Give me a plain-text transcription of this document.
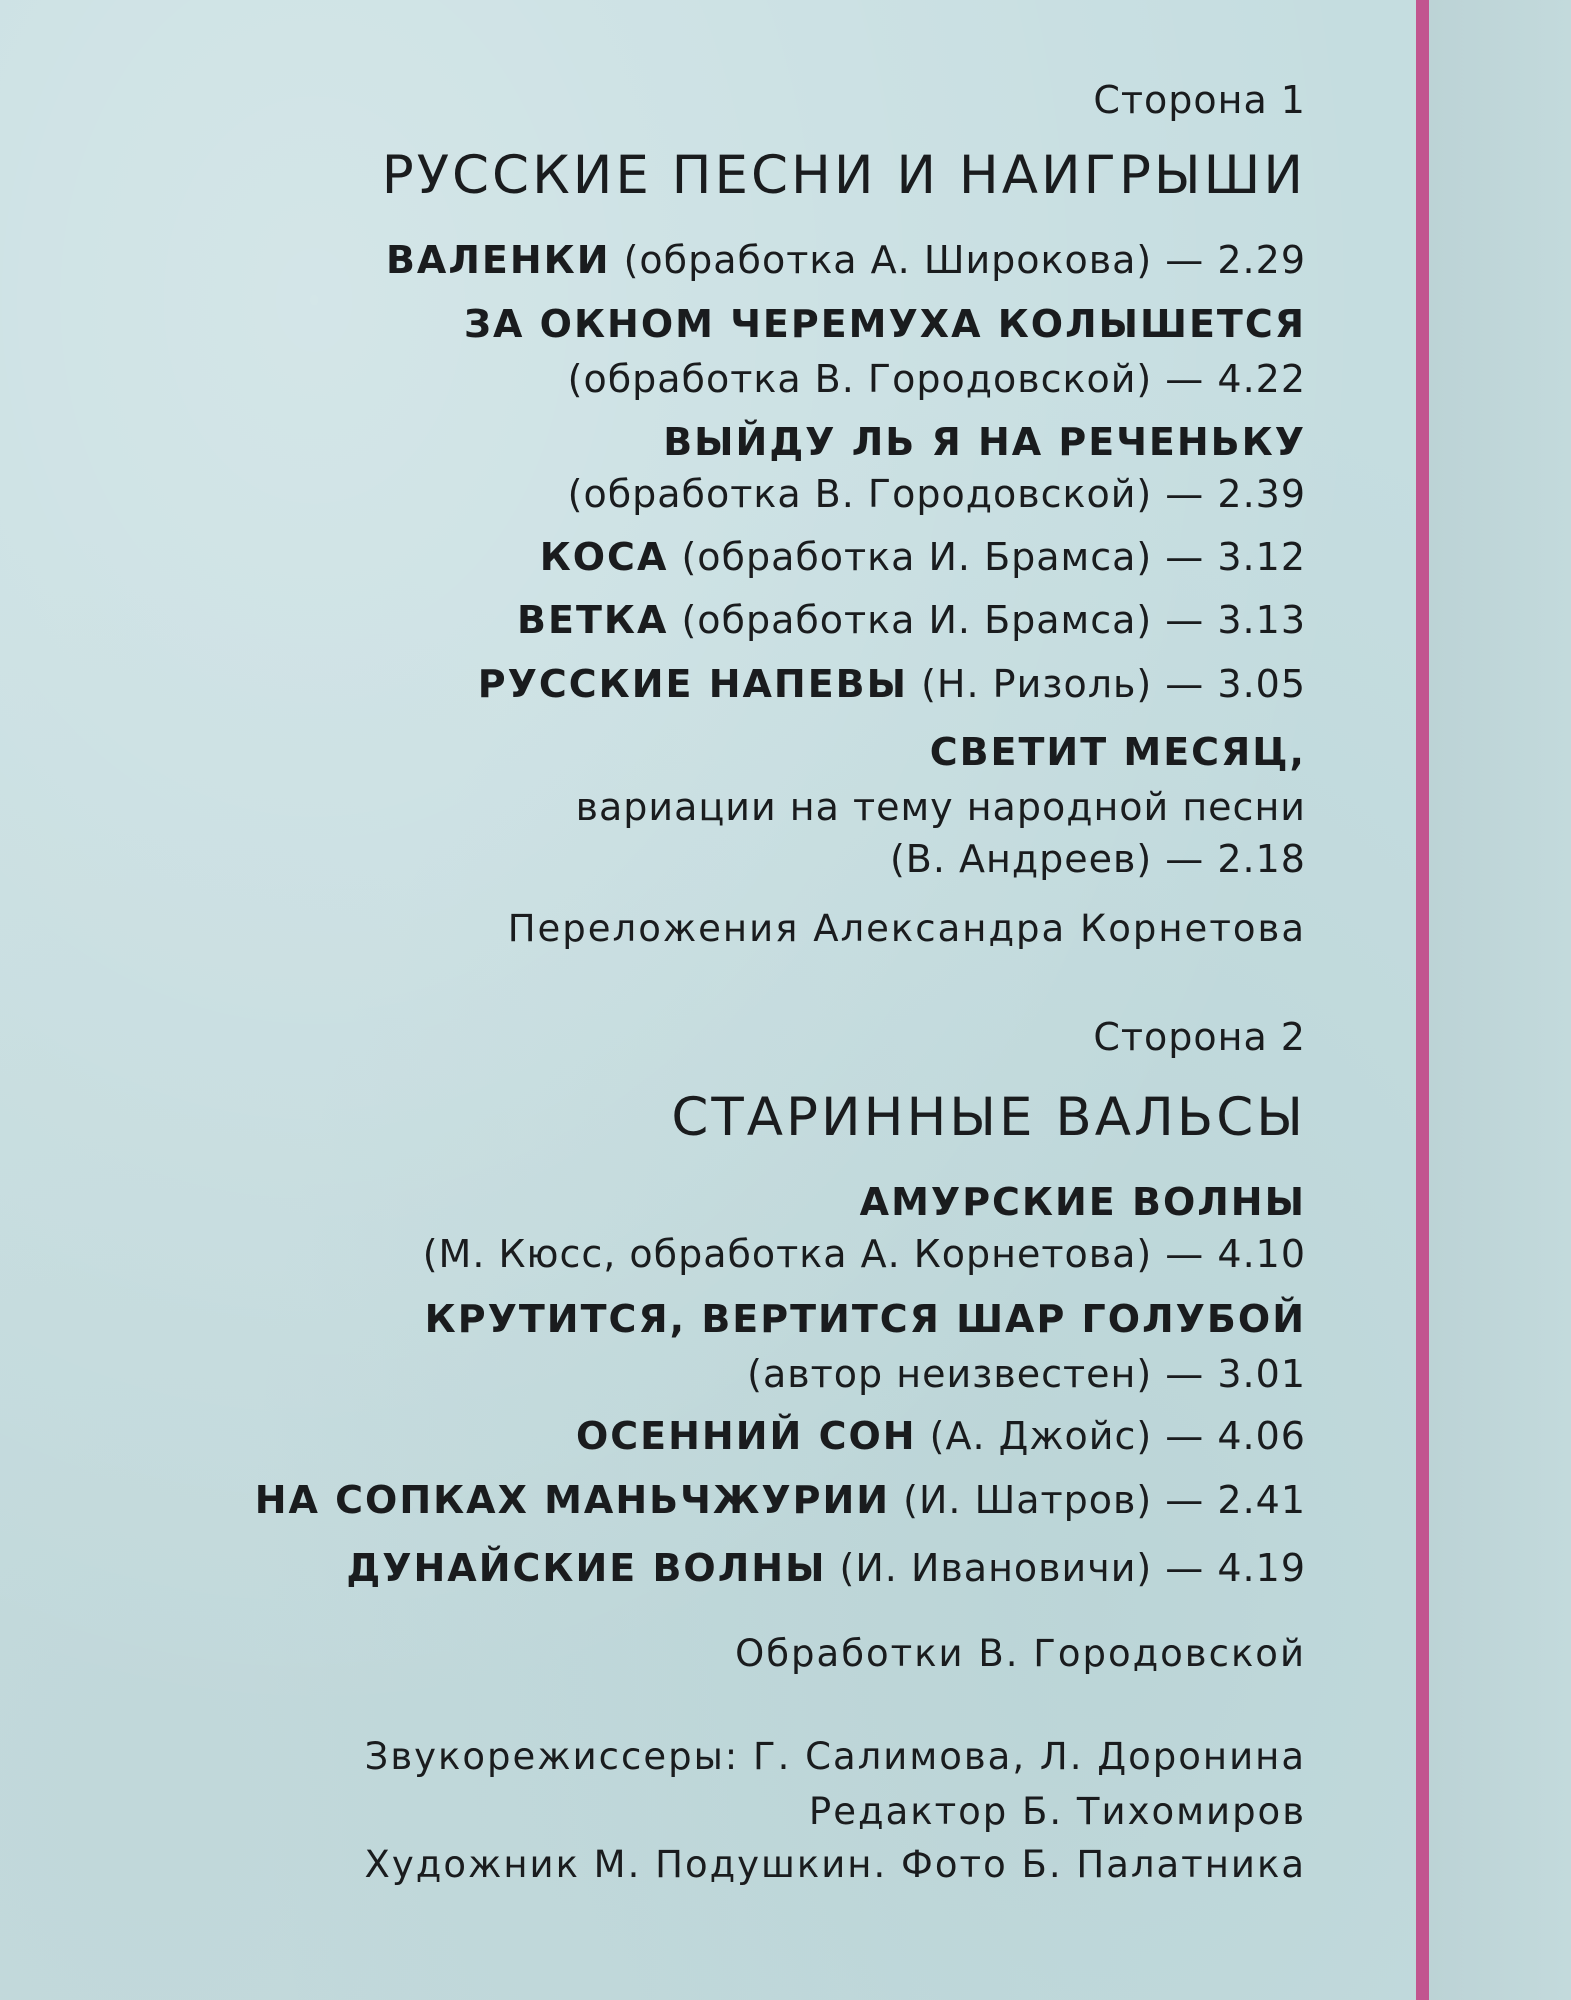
Сторона 1
РУССКИЕ ПЕСНИ И НАИГРЫШИ
ВАЛЕНКИ (обработка А. Широкова) — 2.29
ЗА ОКНОМ ЧЕРЕМУХА КОЛЫШЕТСЯ
(обработка В. Городовской) — 4.22
ВЫЙДУ ЛЬ Я НА РЕЧЕНЬКУ
(обработка В. Городовской) — 2.39
КОСА (обработка И. Брамса) — 3.12
ВЕТКА (обработка И. Брамса) — 3.13
РУССКИЕ НАПЕВЫ (Н. Ризоль) — 3.05
СВЕТИТ МЕСЯЦ,
вариации на тему народной песни
(В. Андреев) — 2.18
Переложения Александра Корнетова
Сторона 2
СТАРИННЫЕ ВАЛЬСЫ
АМУРСКИЕ ВОЛНЫ
(М. Кюсс, обработка А. Корнетова) — 4.10
КРУТИТСЯ, ВЕРТИТСЯ ШАР ГОЛУБОЙ
(автор неизвестен) — 3.01
ОСЕННИЙ СОН (А. Джойс) — 4.06
НА СОПКАХ МАНЬЧЖУРИИ (И. Шатров) — 2.41
ДУНАЙСКИЕ ВОЛНЫ (И. Ивановичи) — 4.19
Обработки В. Городовской
Звукорежиссеры: Г. Салимова, Л. Доронина
Редактор Б. Тихомиров
Художник М. Подушкин. Фото Б. Палатника
